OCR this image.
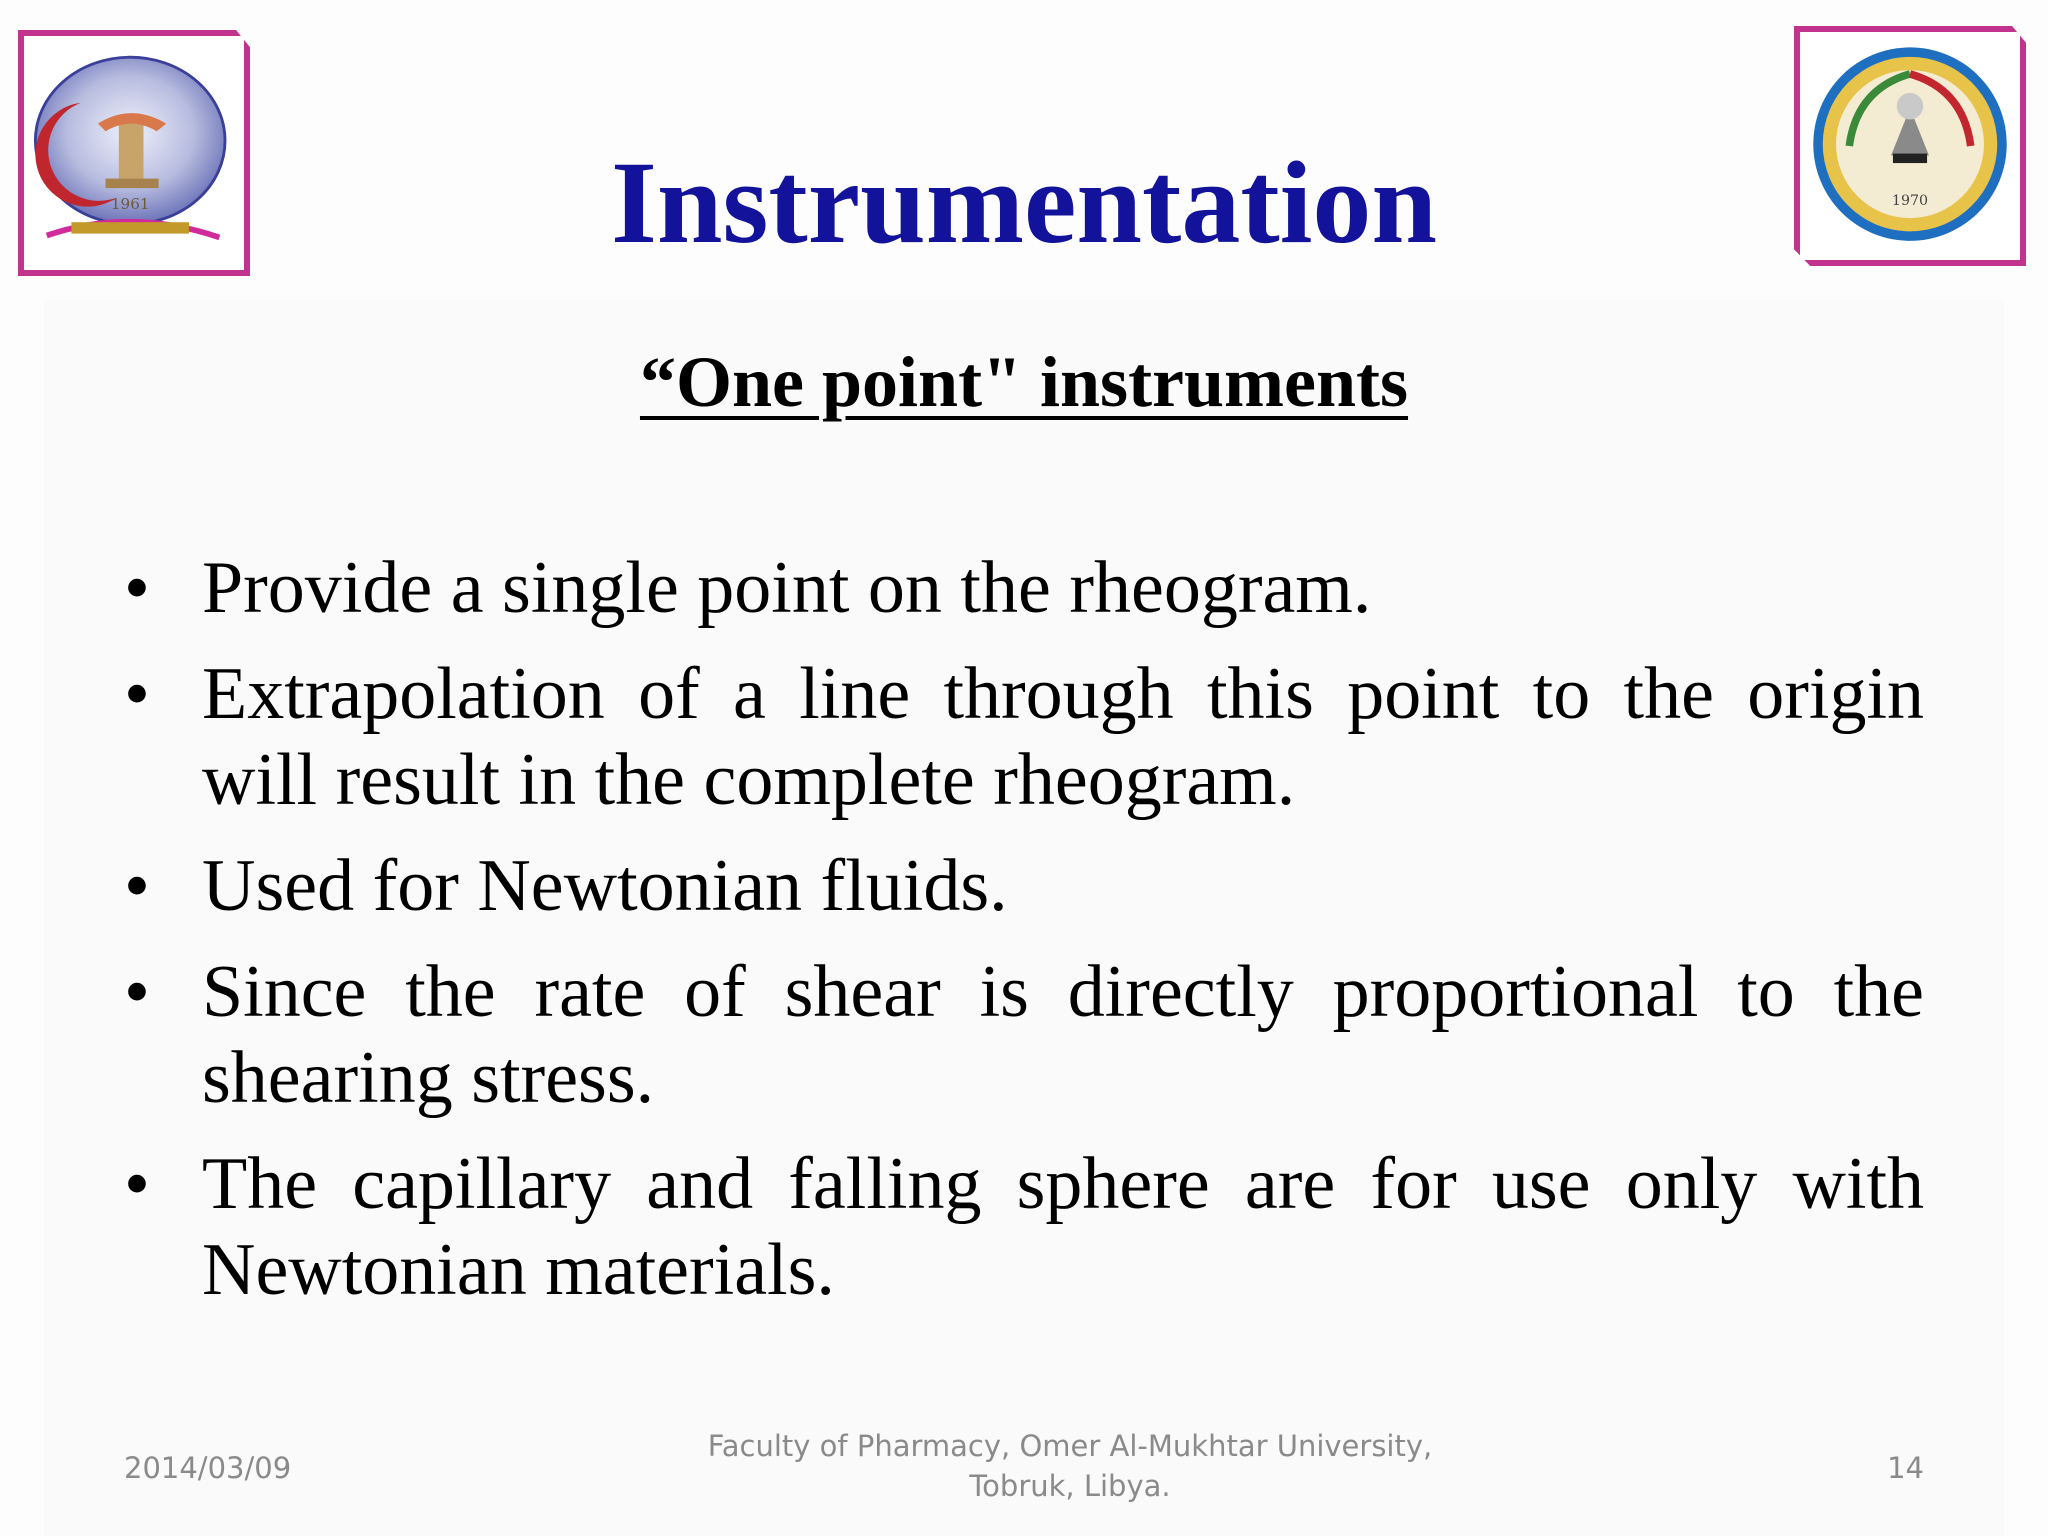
1961	1970
Instrumentation
“One point" instruments
• Provide a single point on the rheogram.
• Extrapolation of a line through this point to the origin will result in the complete rheogram.
• Used for Newtonian fluids.
• Since the rate of shear is directly proportional to the shearing stress.
• The capillary and falling sphere are for use only with Newtonian materials.
2014/03/09
Faculty of Pharmacy, Omer Al-Mukhtar University,
Tobruk, Libya.
14
